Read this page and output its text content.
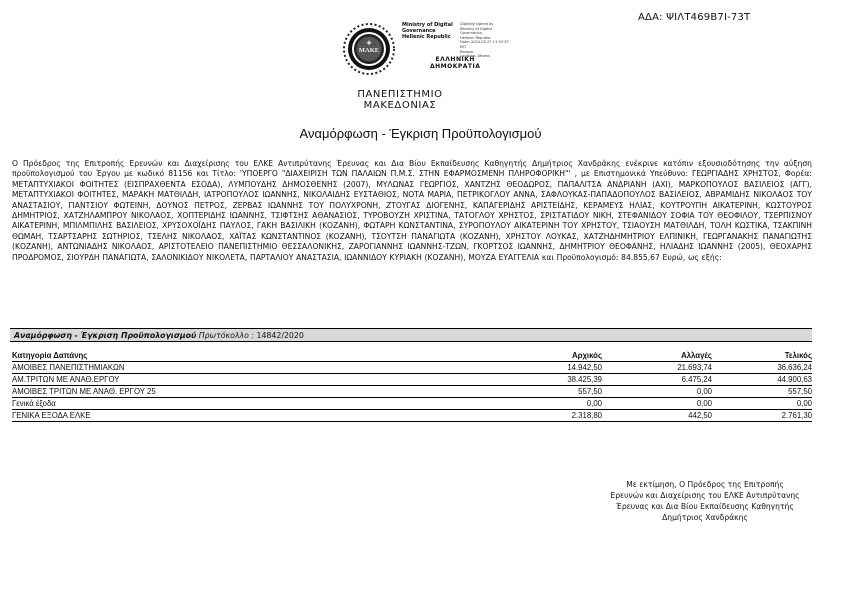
ΑΔΑ: ΨΙΛΤ469Β7Ι-73Τ
ΜΑΚΕ
✦
Ministry of Digital
Governance
Hellenic Republic
Digitally signed by
Ministry of Digital
Governance,
Hellenic Republic
Date: 2024.03.27 11:37:37
EET
Reason:
Location: Athens
ΕΛΛΗΝΙΚΗ
ΔΗΜΟΚΡΑΤΙΑ
ΠΑΝΕΠΙΣΤΗΜΙΟ
ΜΑΚΕΔΟΝΙΑΣ
Αναμόρφωση - Έγκριση Προϋπολογισμού
Ο Πρόεδρος της Επιτροπής Ερευνών και Διαχείρισης του ΕΛΚΕ Αντιπρύτανης Έρευνας και Δια Βίου Εκπαίδευσης Καθηγητής Δημήτριος Χανδράκης ενέκρινε κατόπιν εξουσιοδότησης την αύξηση προϋπολογισμού του Έργου με κωδικό 81156 και Τίτλο: 'ΥΠΟΕΡΓΟ "ΔΙΑΧΕΙΡΙΣΗ ΤΩΝ ΠΑΛΑΙΩΝ Π.Μ.Σ. ΣΤΗΝ ΕΦΑΡΜΟΣΜΕΝΗ ΠΛΗΡΟΦΟΡΙΚΗ"' , με Επιστημονικά Υπεύθυνο: ΓΕΩΡΓΙΑΔΗΣ ΧΡΗΣΤΟΣ, Φορέα: ΜΕΤΑΠΤΥΧΙΑΚΟΙ ΦΟΙΤΗΤΕΣ (ΕΙΣΠΡΑΧΘΕΝΤΑ ΕΣΟΔΑ), ΛΥΜΠΟΥΔΗΣ ΔΗΜΟΣΘΕΝΗΣ (2007), ΜΥΛΩΝΑΣ ΓΕΩΡΓΙΟΣ, ΧΑΝΤΖΗΣ ΘΕΟΔΩΡΟΣ, ΠΑΠΑΛΙΤΣΑ ΑΝΔΡΙΑΝΗ (ΑΧΙ), ΜΑΡΚΟΠΟΥΛΟΣ ΒΑΣΙΛΕΙΟΣ (ΑΓΓ), ΜΕΤΑΠΤΥΧΙΑΚΟΙ ΦΟΙΤΗΤΕΣ, ΜΑΡΑΚΗ ΜΑΤΘΙΛΔΗ, ΙΑΤΡΟΠΟΥΛΟΣ ΙΩΑΝΝΗΣ, ΝΙΚΟΛΑΙΔΗΣ ΕΥΣΤΑΘΙΟΣ, ΝΟΤΑ ΜΑΡΙΑ, ΠΕΤΡΙΚΟΓΛΟΥ ΑΝΝΑ, ΣΑΦΛΟΥΚΑΣ-ΠΑΠΑΔΟΠΟΥΛΟΣ ΒΑΣΙΛΕΙΟΣ, ΑΒΡΑΜΙΔΗΣ ΝΙΚΟΛΑΟΣ ΤΟΥ ΑΝΑΣΤΑΣΙΟΥ, ΓΙΑΝΤΣΙΟΥ ΦΩΤΕΙΝΗ, ΔΟΥΝΟΣ ΠΕΤΡΟΣ, ΖΕΡΒΑΣ ΙΩΑΝΝΗΣ ΤΟΥ ΠΟΛΥΧΡΟΝΗ, ΖΤΟΥΓΑΣ ΔΙΟΓΕΝΗΣ, ΚΑΠΑΓΕΡΙΔΗΣ ΑΡΙΣΤΕΙΔΗΣ, ΚΕΡΑΜΕΥΣ ΗΛΙΑΣ, ΚΟΥΤΡΟΥΠΗ ΑΙΚΑΤΕΡΙΝΗ, ΚΩΣΤΟΥΡΟΣ ΔΗΜΗΤΡΙΟΣ, ΧΑΤΖΗΛΑΜΠΡΟΥ ΝΙΚΟΛΑΟΣ, ΧΟΠΤΕΡΙΔΗΣ ΙΩΑΝΝΗΣ, ΤΣΙΦΤΣΗΣ ΑΘΑΝΑΣΙΟΣ, ΤΥΡΟΒΟΥΖΗ ΧΡΙΣΤΙΝΑ, ΤΑΤΟΓΛΟΥ ΧΡΗΣΤΟΣ, ΣΡΙΣΤΑΤΙΔΟΥ ΝΙΚΗ, ΣΤΕΦΑΝΙΔΟΥ ΣΟΦΙΑ ΤΟΥ ΘΕΟΦΙΛΟΥ, ΤΣΕΡΠΙΣΝΟΥ ΑΙΚΑΤΕΡΙΝΗ, ΜΠΙΛΜΠΙΛΗΣ ΒΑΣΙΛΕΙΟΣ, ΧΡΥΣΟΧΟΪΔΗΣ ΠΑΥΛΟΣ, ΓΑΚΗ ΒΑΣΙΛΙΚΗ (ΚΟΖΑΝΗ), ΦΩΤΑΡΗ ΚΩΝΣΤΑΝΤΙΝΑ, ΣΥΡΟΠΟΥΛΟΥ ΑΙΚΑΤΕΡΙΝΗ ΤΟΥ ΧΡΗΣΤΟΥ, ΤΣΙΑΟΥΣΗ ΜΑΤΘΙΛΔΗ, ΤΟΛΗ ΚΩΣΤΙΚΑ, ΤΣΑΚΠΙΝΗ ΘΩΜΑΗ, ΤΣΑΡΤΣΑΡΗΣ ΣΩΤΗΡΙΟΣ, ΤΣΕΛΗΣ ΝΙΚΟΛΑΟΣ, ΧΑΪΤΑΣ ΚΩΝΣΤΑΝΤΙΝΟΣ (ΚΟΖΑΝΗ), ΤΣΟΥΤΣΗ ΠΑΝΑΓΙΩΤΑ (ΚΟΖΑΝΗ), ΧΡΗΣΤΟΥ ΛΟΥΚΑΣ, ΧΑΤΖΗΔΗΜΗΤΡΙΟΥ ΕΛΠΙΝΙΚΗ, ΓΕΩΡΓΑΝΑΚΗΣ ΠΑΝΑΓΙΩΤΗΣ (ΚΟΖΑΝΗ), ΑΝΤΩΝΙΑΔΗΣ ΝΙΚΟΛΑΟΣ, ΑΡΙΣΤΟΤΕΛΕΙΟ ΠΑΝΕΠΙΣΤΗΜΙΟ ΘΕΣΣΑΛΟΝΙΚΗΣ, ΖΑΡΟΓΙΑΝΝΗΣ ΙΩΑΝΝΗΣ-ΤΖΩΝ, ΓΚΟΡΤΣΟΣ ΙΩΑΝΝΗΣ, ΔΗΜΗΤΡΙΟΥ ΘΕΟΦΑΝΗΣ, ΗΛΙΑΔΗΣ ΙΩΑΝΝΗΣ (2005), ΘΕΟΧΑΡΗΣ ΠΡΟΔΡΟΜΟΣ, ΣΙΟΥΡΔΗ ΠΑΝΑΓΙΩΤΑ, ΣΑΛΟΝΙΚΙΔΟΥ ΝΙΚΟΛΕΤΑ, ΠΑΡΤΑΛΙΟΥ ΑΝΑΣΤΑΣΙΑ, ΙΩΑΝΝΙΔΟΥ ΚΥΡΙΑΚΗ (ΚΟΖΑΝΗ), ΜΟΥΖΑ ΕΥΑΓΓΕΛΙΑ και Προϋπολογισμό: 84.855,67 Ευρώ, ως εξής:
Αναμόρφωση - Έγκριση Προϋπολογισμού Πρωτόκολλο : 14842/2020
Κατηγορία Δαπάνης	Αρχικός	Αλλαγές	Τελικός
ΑΜΟΙΒΕΣ ΠΑΝΕΠΙΣΤΗΜΙΑΚΩΝ	14.942,50	21.693,74	36.636,24
ΑΜ.ΤΡΙΤΩΝ ΜΕ ΑΝΑΘ.ΕΡΓΟΥ	38.425,39	6.475,24	44.900,63
ΑΜΟΙΒΕΣ ΤΡΙΤΩΝ ΜΕ ΑΝΑΘ. ΕΡΓΟΥ 25	557,50	0,00	557,50
Γενικά έξοδα	0,00	0,00	0,00
ΓΕΝΙΚΑ ΕΞΟΔΑ ΕΛΚΕ	2.318,80	442,50	2.761,30
Με εκτίμηση, Ο Πρόεδρος της Επιτροπής
Ερευνών και Διαχείρισης του ΕΛΚΕ Αντιπρύτανης
Έρευνας και Δια Βίου Εκπαίδευσης Καθηγητής
Δημήτριος Χανδράκης
